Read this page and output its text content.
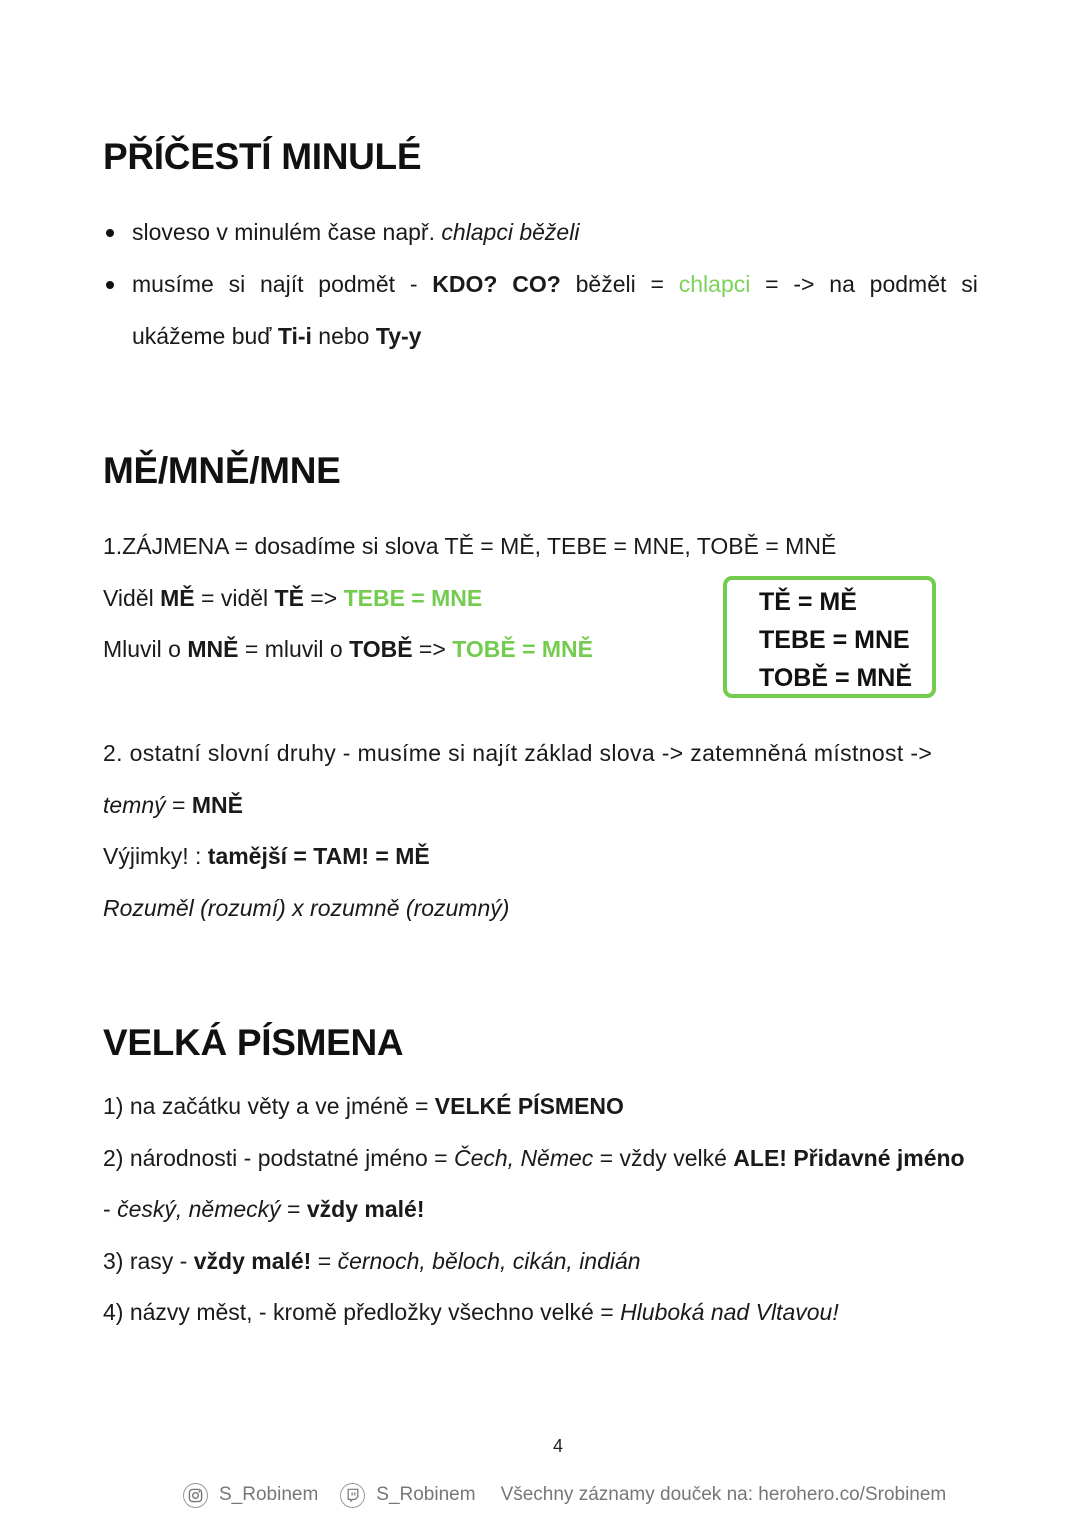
PŘÍČESTÍ MINULÉ
sloveso v minulém čase např. chlapci běželi
musíme si najít podmět - KDO? CO? běželi = chlapci = -> na podmět si
ukážeme buď Ti-i nebo Ty-y
MĚ/MNĚ/MNE
1.ZÁJMENA = dosadíme si slova TĚ = MĚ, TEBE = MNE, TOBĚ = MNĚ
Viděl MĚ = viděl TĚ => TEBE = MNE
Mluvil o MNĚ = mluvil o TOBĚ => TOBĚ = MNĚ
TĚ = MĚ
TEBE = MNE
TOBĚ = MNĚ
2. ostatní slovní druhy - musíme si najít základ slova -> zatemněná místnost ->
temný = MNĚ
Výjimky! : tamější = TAM! = MĚ
Rozuměl (rozumí) x rozumně (rozumný)
VELKÁ PÍSMENA
1) na začátku věty a ve jméně = VELKÉ PÍSMENO
2) národnosti - podstatné jméno = Čech, Němec = vždy velké ALE! Přidavné jméno
- český, německý = vždy malé!
3) rasy - vždy malé! = černoch, běloch, cikán, indián
4) názvy měst, - kromě předložky všechno velké = Hluboká nad Vltavou!
4
S_Robinem	S_Robinem Všechny záznamy douček na: herohero.co/Srobinem
